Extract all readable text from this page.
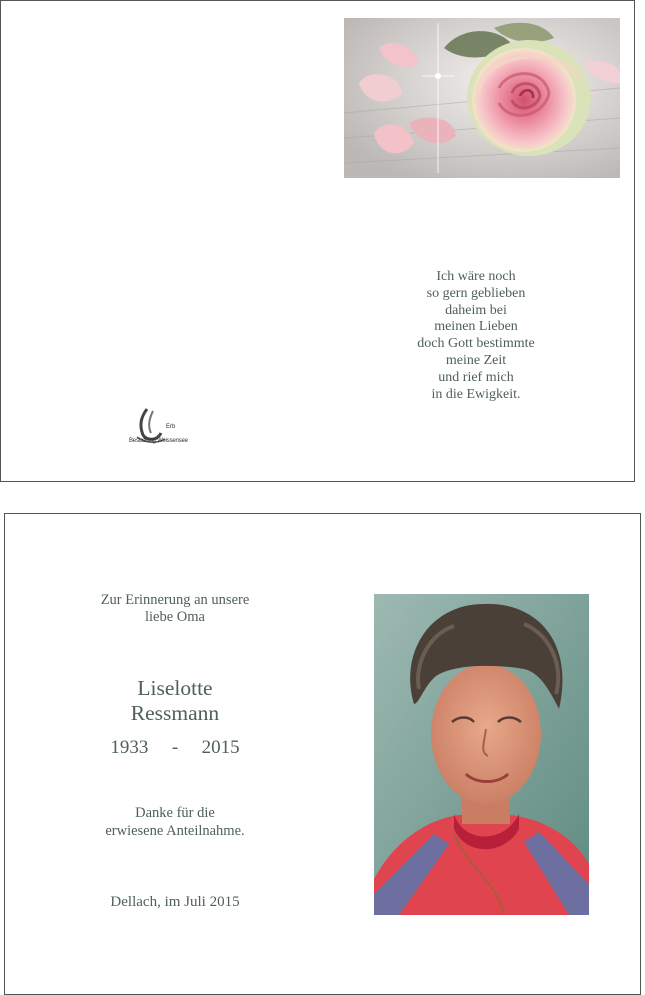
Ich wäre noch
so gern geblieben
daheim bei
meinen Lieben
doch Gott bestimmte
meine Zeit
und rief mich
in die Ewigkeit.
Erb
Bestattung Weissensee
Zur Erinnerung an unsere
liebe Oma
Liselotte
Ressmann
1933 - 2015
Danke für die
erwiesene Anteilnahme.
Dellach, im Juli 2015
